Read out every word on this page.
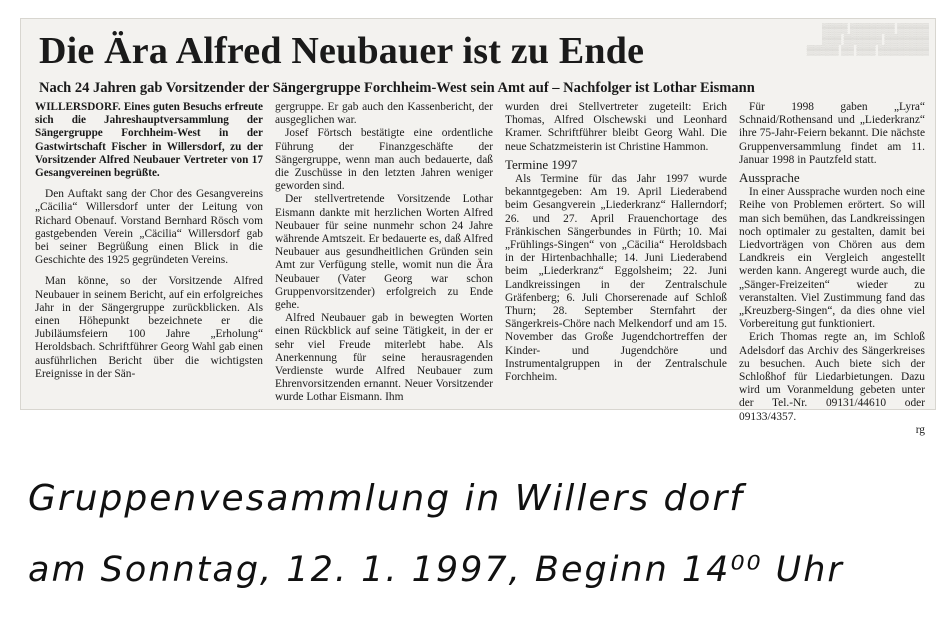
▒▒▒▒ ▒▒▒▒▒▒▒ ▒▒▒▒▒
▒▒▒ ▒▒▒▒▒▒ ▒▒▒▒▒▒▒
▒▒▒▒▒ ▒▒ ▒▒▒ ▒▒▒▒▒▒▒▒
Die Ära Alfred Neubauer ist zu Ende
Nach 24 Jahren gab Vorsitzender der Sängergruppe Forchheim-West sein Amt auf – Nachfolger ist Lothar Eismann

WILLERSDORF. Eines guten Besuchs erfreute sich die Jahreshauptversammlung der Sängergruppe Forchheim-West in der Gastwirtschaft Fischer in Willersdorf, zu der Vorsitzender Alfred Neubauer Vertreter von 17 Gesangvereinen begrüßte.

Den Auftakt sang der Chor des Gesangvereins „Cäcilia“ Willersdorf unter der Leitung von Richard Obenauf. Vorstand Bernhard Rösch vom gastgebenden Verein „Cäcilia“ Willersdorf gab bei seiner Begrüßung einen Blick in die Geschichte des 1925 gegründeten Vereins.

Man könne, so der Vorsitzende Alfred Neubauer in seinem Bericht, auf ein erfolgreiches Jahr in der Sängergruppe zurückblicken. Als einen Höhepunkt bezeichnete er die Jubiläumsfeiern 100 Jahre „Erholung“ Heroldsbach. Schriftführer Georg Wahl gab einen ausführlichen Bericht über die wichtigsten Ereignisse in der Sän-

gergruppe. Er gab auch den Kassenbericht, der ausgeglichen war.

Josef Förtsch bestätigte eine ordentliche Führung der Finanzgeschäfte der Sängergruppe, wenn man auch bedauerte, daß die Zuschüsse in den letzten Jahren weniger geworden sind.

Der stellvertretende Vorsitzende Lothar Eismann dankte mit herzlichen Worten Alfred Neubauer für seine nunmehr schon 24 Jahre währende Amtszeit. Er bedauerte es, daß Alfred Neubauer aus gesundheitlichen Gründen sein Amt zur Verfügung stelle, womit nun die Ära Neubauer (Vater Georg war schon Gruppenvorsitzender) erfolgreich zu Ende gehe.

Alfred Neubauer gab in bewegten Worten einen Rückblick auf seine Tätigkeit, in der er sehr viel Freude miterlebt habe. Als Anerkennung für seine herausragenden Verdienste wurde Alfred Neubauer zum Ehrenvorsitzenden ernannt. Neuer Vorsitzender wurde Lothar Eismann. Ihm

wurden drei Stellvertreter zugeteilt: Erich Thomas, Alfred Olschewski und Leonhard Kramer. Schriftführer bleibt Georg Wahl. Die neue Schatzmeisterin ist Christine Hammon.

Termine 1997

Als Termine für das Jahr 1997 wurde bekanntgegeben: Am 19. April Liederabend beim Gesangverein „Liederkranz“ Hallerndorf; 26. und 27. April Frauenchortage des Fränkischen Sängerbundes in Fürth; 10. Mai „Frühlings-Singen“ von „Cäcilia“ Heroldsbach in der Hirtenbachhalle; 14. Juni Liederabend beim „Liederkranz“ Eggolsheim; 22. Juni Landkreissingen in der Zentralschule Gräfenberg; 6. Juli Chorserenade auf Schloß Thurn; 28. September Sternfahrt der Sängerkreis-Chöre nach Melkendorf und am 15. November das Große Jugendchortreffen der Kinder- und Jugendchöre und Instrumentalgruppen in der Zentralschule Forchheim.

Für 1998 gaben „Lyra“ Schnaid/Rothensand und „Liederkranz“ ihre 75-Jahr-Feiern bekannt. Die nächste Gruppenversammlung findet am 11. Januar 1998 in Pautzfeld statt.

Aussprache

In einer Aussprache wurden noch eine Reihe von Problemen erörtert. So will man sich bemühen, das Landkreissingen noch optimaler zu gestalten, damit bei Liedvorträgen von Chören aus dem Landkreis ein Vergleich angestellt werden kann. Angeregt wurde auch, die „Sänger-Freizeiten“ wieder zu veranstalten. Viel Zustimmung fand das „Kreuzberg-Singen“, da dies ohne viel Vorbereitung gut funktioniert.

Erich Thomas regte an, im Schloß Adelsdorf das Archiv des Sängerkreises zu besuchen. Auch biete sich der Schloßhof für Liedarbietungen. Dazu wird um Voranmeldung gebeten unter der Tel.-Nr. 09131/44610 oder 09133/4357.

rg
Gruppenvesammlung in Willers dorf
am Sonntag, 12. 1. 1997, Beginn 14⁰⁰ Uhr
